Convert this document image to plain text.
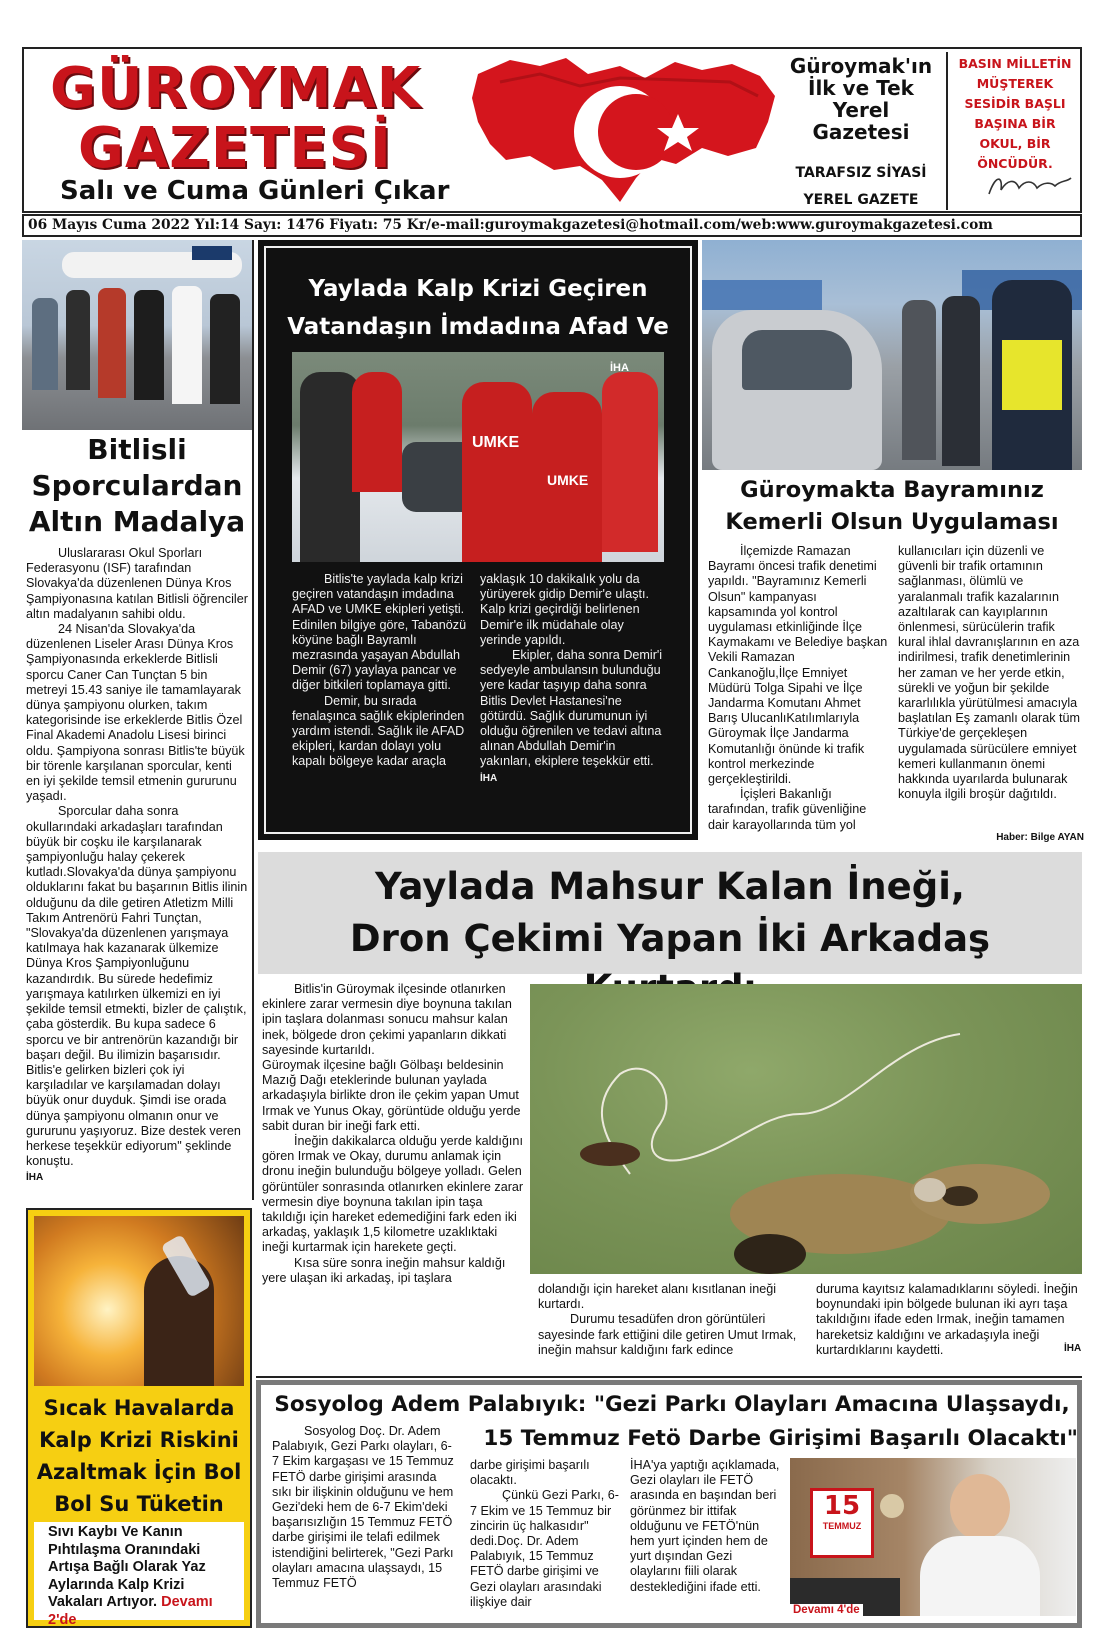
GÜROYMAK
GAZETESİ
Salı ve Cuma Günleri Çıkar
Güroymak'ın İlk ve Tek Yerel Gazetesi
TARAFSIZ SİYASİ YEREL GAZETE
BASIN MİLLETİN MÜŞTEREK SESİDİR BAŞLI BAŞINA BİR OKUL, BİR ÖNCÜDÜR.
06 Mayıs Cuma 2022 Yıl:14 Sayı: 1476 Fiyatı: 75 Kr/e-mail:guroymakgazetesi@hotmail.com/web:www.guroymakgazetesi.com
Bitlisli Sporculardan Altın Madalya

Uluslararası Okul Sporları Federasyonu (ISF) tarafından Slovakya'da düzenlenen Dünya Kros Şampiyonasına katılan Bitlisli öğrenciler altın madalyanın sahibi oldu.

24 Nisan'da Slovakya'da düzenlenen Liseler Arası Dünya Kros Şampiyonasında erkeklerde Bitlisli sporcu Caner Can Tunçtan 5 bin metreyi 15.43 saniye ile tamamlayarak dünya şampiyonu olurken, takım kategorisinde ise erkeklerde Bitlis Özel Final Akademi Anadolu Lisesi birinci oldu. Şampiyona sonrası Bitlis'te büyük bir törenle karşılanan sporcular, kenti en iyi şekilde temsil etmenin gururunu yaşadı.

Sporcular daha sonra okullarındaki arkadaşları tarafından büyük bir coşku ile karşılanarak şampiyonluğu halay çekerek kutladı.Slovakya'da dünya şampiyonu olduklarını fakat bu başarının Bitlis ilinin olduğunu da dile getiren Atletizm Milli Takım Antrenörü Fahri Tunçtan, "Slovakya'da düzenlenen yarışmaya katılmaya hak kazanarak ülkemize Dünya Kros Şampiyonluğunu kazandırdık. Bu sürede hedefimiz yarışmaya katılırken ülkemizi en iyi şekilde temsil etmekti, bizler de çalıştık, çaba gösterdik. Bu kupa sadece 6 sporcu ve bir antrenörün kazandığı bir başarı değil. Bu ilimizin başarısıdır. Bitlis'e gelirken bizleri çok iyi karşıladılar ve karşılamadan dolayı büyük onur duyduk. Şimdi ise orada dünya şampiyonu olmanın onur ve gururunu yaşıyoruz. Bize destek veren herkese teşekkür ediyorum" şeklinde konuştu.

İHA
Yaylada Kalp Krizi Geçiren Vatandaşın İmdadına Afad Ve
UMKE
UMKE
İHA

Bitlis'te yaylada kalp krizi geçiren vatandaşın imdadına AFAD ve UMKE ekipleri yetişti.

Edinilen bilgiye göre, Tabanözü köyüne bağlı Bayramlı mezrasında yaşayan Abdullah Demir (67) yaylaya pancar ve diğer bitkileri toplamaya gitti.

Demir, bu sırada fenalaşınca sağlık ekiplerinden yardım istendi. Sağlık ile AFAD ekipleri, kardan dolayı yolu kapalı bölgeye kadar araçla

yaklaşık 10 dakikalık yolu da yürüyerek gidip Demir'e ulaştı. Kalp krizi geçirdiği belirlenen Demir'e ilk müdahale olay yerinde yapıldı.

Ekipler, daha sonra Demir'i sedyeyle ambulansın bulunduğu yere kadar taşıyıp daha sonra Bitlis Devlet Hastanesi'ne götürdü. Sağlık durumunun iyi olduğu öğrenilen ve tedavi altına alınan Abdullah Demir'in yakınları, ekiplere teşekkür etti.

İHA
Güroymakta Bayramınız Kemerli Olsun Uygulaması

İlçemizde Ramazan Bayramı öncesi trafik denetimi yapıldı. "Bayramınız Kemerli Olsun" kampanyası kapsamında yol kontrol uygulaması etkinliğinde İlçe Kaymakamı ve Belediye başkan Vekili Ramazan Cankanoğlu,İlçe Emniyet Müdürü Tolga Sipahi ve İlçe Jandarma Komutanı Ahmet Barış UlucanlıKatılımlarıyla Güroymak İlçe Jandarma Komutanlığı önünde ki trafik kontrol merkezinde gerçekleştirildi.

İçişleri Bakanlığı tarafından, trafik güvenliğine dair karayollarında tüm yol

kullanıcıları için düzenli ve güvenli bir trafik ortamının sağlanması, ölümlü ve yaralanmalı trafik kazalarının azaltılarak can kayıplarının önlenmesi, sürücülerin trafik kural ihlal davranışlarının en aza indirilmesi, trafik denetimlerinin her zaman ve her yerde etkin, sürekli ve yoğun bir şekilde kararlılıkla yürütülmesi amacıyla başlatılan Eş zamanlı olarak tüm Türkiye'de gerçekleşen uygulamada sürücülere emniyet kemeri kullanmanın önemi hakkında uyarılarda bulunarak konuyla ilgili broşür dağıtıldı.

Haber: Bilge AYAN
Yaylada Mahsur Kalan İneği,
Dron Çekimi Yapan İki Arkadaş

Bitlis'in Güroymak ilçesinde otlanırken ekinlere zarar vermesin diye boynuna takılan ipin taşlara dolanması sonucu mahsur kalan inek, bölgede dron çekimi yapanların dikkati sayesinde kurtarıldı.

Güroymak ilçesine bağlı Gölbaşı beldesinin Mazığ Dağı eteklerinde bulunan yaylada arkadaşıyla birlikte dron ile çekim yapan Umut Irmak ve Yunus Okay, görüntüde olduğu yerde sabit duran bir ineği fark etti.

İneğin dakikalarca olduğu yerde kaldığını gören Irmak ve Okay, durumu anlamak için dronu ineğin bulunduğu bölgeye yolladı. Gelen görüntüler sonrasında otlanırken ekinlere zarar vermesin diye boynuna takılan ipin taşa takıldığı için hareket edemediğini fark eden iki arkadaş, yaklaşık 1,5 kilometre uzaklıktaki ineği kurtarmak için harekete geçti.

Kısa süre sonra ineğin mahsur kaldığı yere ulaşan iki arkadaş, ipi taşlara

dolandığı için hareket alanı kısıtlanan ineği kurtardı.

Durumu tesadüfen dron görüntüleri sayesinde fark ettiğini dile getiren Umut Irmak, ineğin mahsur kaldığını fark edince

duruma kayıtsız kalamadıklarını söyledi. İneğin boynundaki ipin bölgede bulunan iki ayrı taşa takıldığını ifade eden Irmak, ineğin tamamen hareketsiz kaldığını ve arkadaşıyla ineği kurtardıklarını kaydetti.	İHA
Sıcak Havalarda Kalp Krizi Riskini Azaltmak İçin Bol Bol Su Tüketin
Sıvı Kaybı Ve Kanın Pıhtılaşma Oranındaki Artışa Bağlı Olarak Yaz Aylarında Kalp Krizi Vakaları Artıyor. Devamı 2'de
Sosyolog Adem Palabıyık: "Gezi Parkı Olayları Amacına Ulaşsaydı,
15 Temmuz Fetö Darbe Girişimi Başarılı Olacaktı"

Sosyolog Doç. Dr. Adem Palabıyık, Gezi Parkı olayları, 6-7 Ekim kargaşası ve 15 Temmuz FETÖ darbe girişimi arasında sıkı bir ilişkinin olduğunu ve hem Gezi'deki hem de 6-7 Ekim'deki başarısızlığın 15 Temmuz FETÖ darbe girişimi ile telafi edilmek istendiğini belirterek, "Gezi Parkı olayları amacına ulaşsaydı, 15 Temmuz FETÖ

darbe girişimi başarılı olacaktı.

Çünkü Gezi Parkı, 6-7 Ekim ve 15 Temmuz bir zincirin üç halkasıdır" dedi.Doç. Dr. Adem Palabıyık, 15 Temmuz FETÖ darbe girişimi ve Gezi olayları arasındaki ilişkiye dair

İHA'ya yaptığı açıklamada, Gezi olayları ile FETÖ arasında en başından beri görünmez bir ittifak olduğunu ve FETÖ'nün hem yurt içinden hem de yurt dışından Gezi olaylarını fiili olarak desteklediğini ifade etti.

15
TEMMUZ
Devamı 4'de
